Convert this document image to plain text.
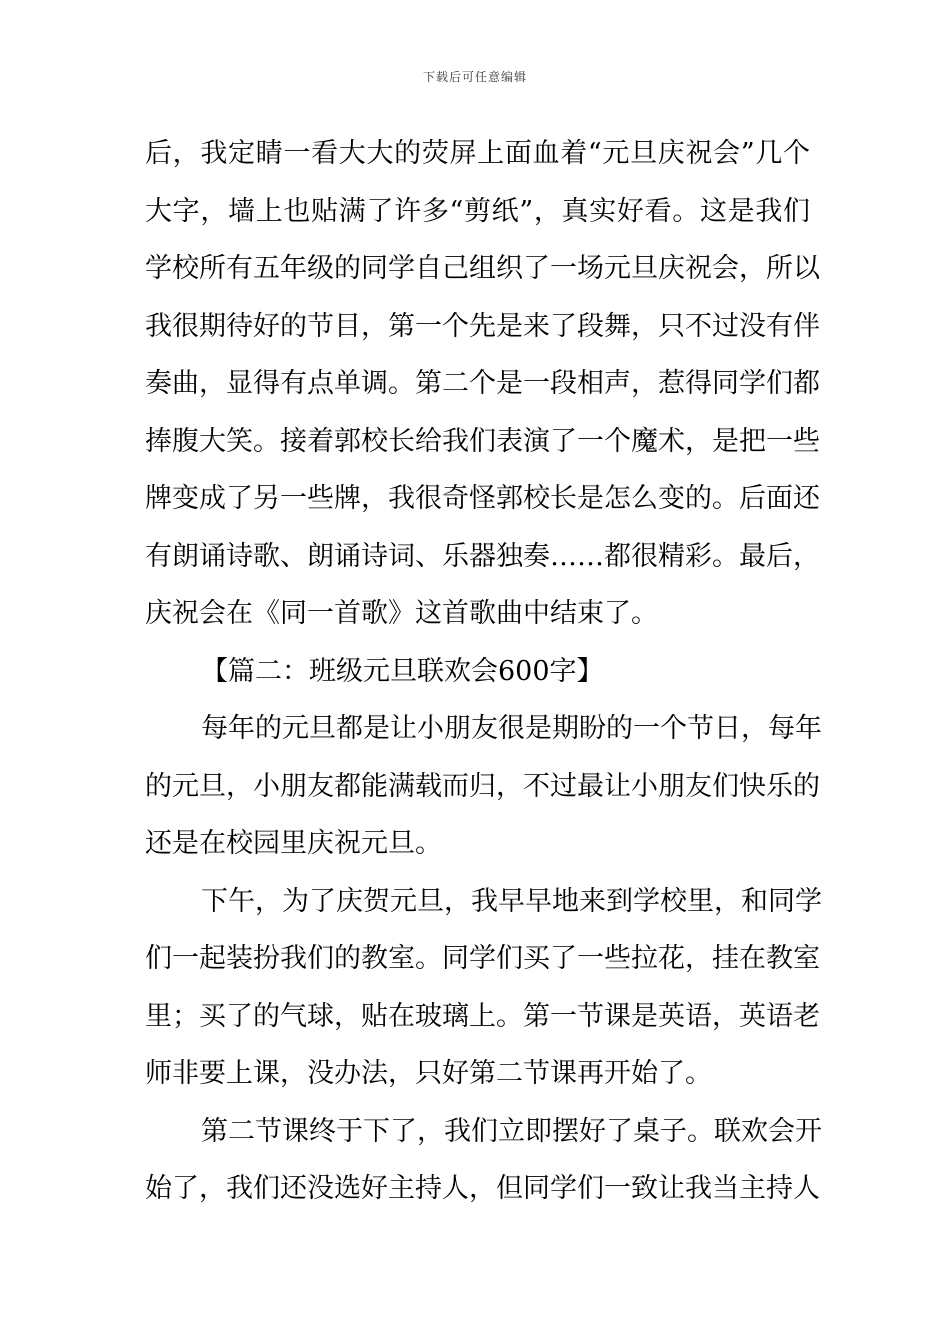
下载后可任意编辑
后，我定睛一看大大的荧屏上面血着“元旦庆祝会”几个
大字，墙上也贴满了许多“剪纸”，真实好看。这是我们
学校所有五年级的同学自己组织了一场元旦庆祝会，所以
我很期待好的节目，第一个先是来了段舞，只不过没有伴
奏曲，显得有点单调。第二个是一段相声，惹得同学们都
捧腹大笑。接着郭校长给我们表演了一个魔术，是把一些
牌变成了另一些牌，我很奇怪郭校长是怎么变的。后面还
有朗诵诗歌、朗诵诗词、乐器独奏……都很精彩。最后，
庆祝会在《同一首歌》这首歌曲中结束了。
【篇二：班级元旦联欢会600字】
每年的元旦都是让小朋友很是期盼的一个节日，每年
的元旦，小朋友都能满载而归，不过最让小朋友们快乐的
还是在校园里庆祝元旦。
下午，为了庆贺元旦，我早早地来到学校里，和同学
们一起装扮我们的教室。同学们买了一些拉花，挂在教室
里；买了的气球，贴在玻璃上。第一节课是英语，英语老
师非要上课，没办法，只好第二节课再开始了。
第二节课终于下了，我们立即摆好了桌子。联欢会开
始了，我们还没选好主持人，但同学们一致让我当主持人
